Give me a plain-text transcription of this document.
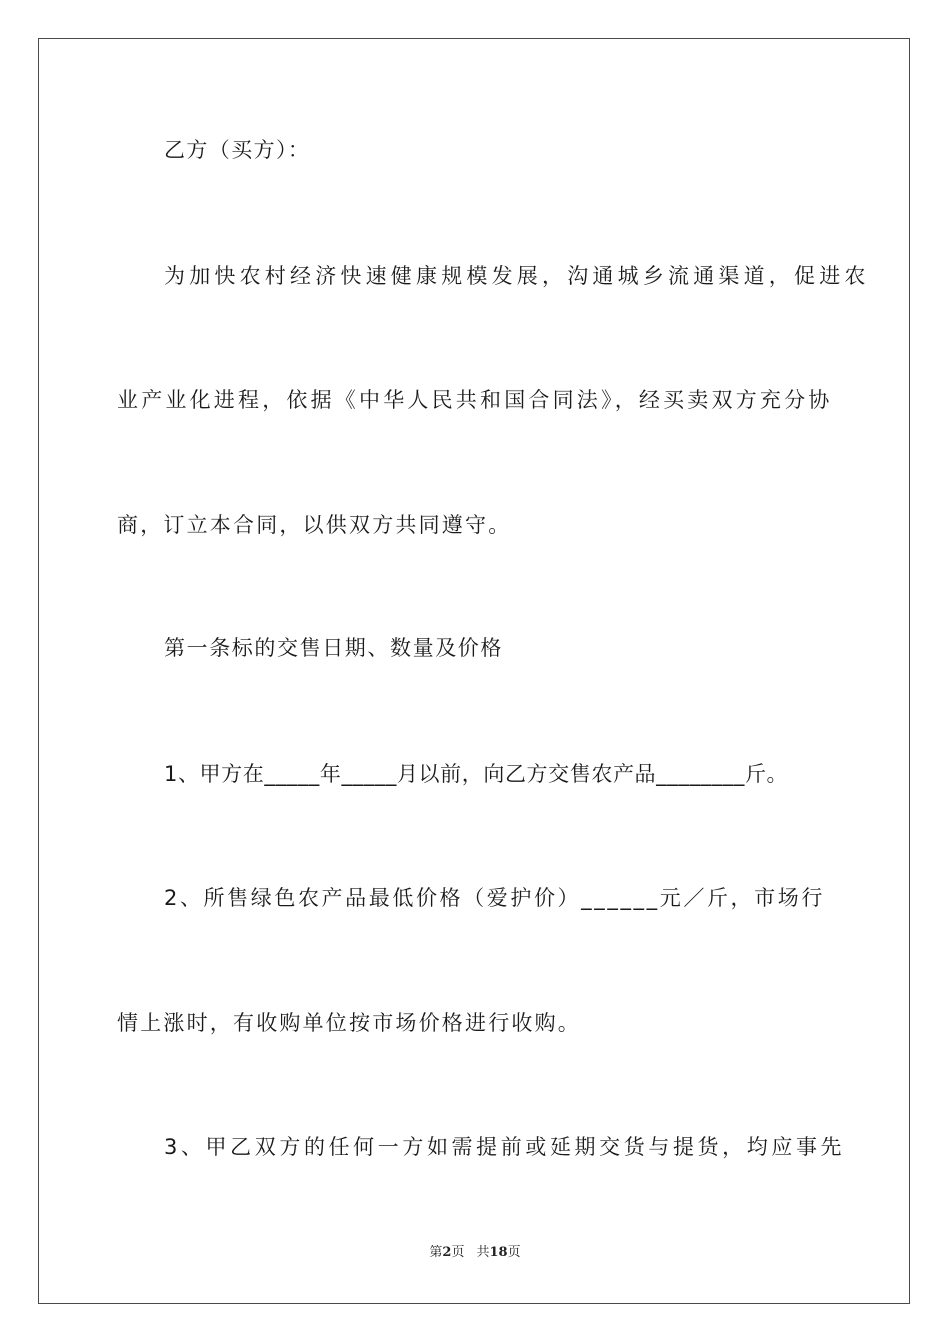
乙方（买方）：
为加快农村经济快速健康规模发展，沟通城乡流通渠道，促进农
业产业化进程，依据《中华人民共和国合同法》，经买卖双方充分协
商，订立本合同，以供双方共同遵守。
第一条标的交售日期、数量及价格
1、甲方在_____年_____月以前，向乙方交售农产品________斤。
2、所售绿色农产品最低价格（爱护价）______元／斤，市场行
情上涨时，有收购单位按市场价格进行收购。
3、甲乙双方的任何一方如需提前或延期交货与提货，均应事先
第2页 共18页
